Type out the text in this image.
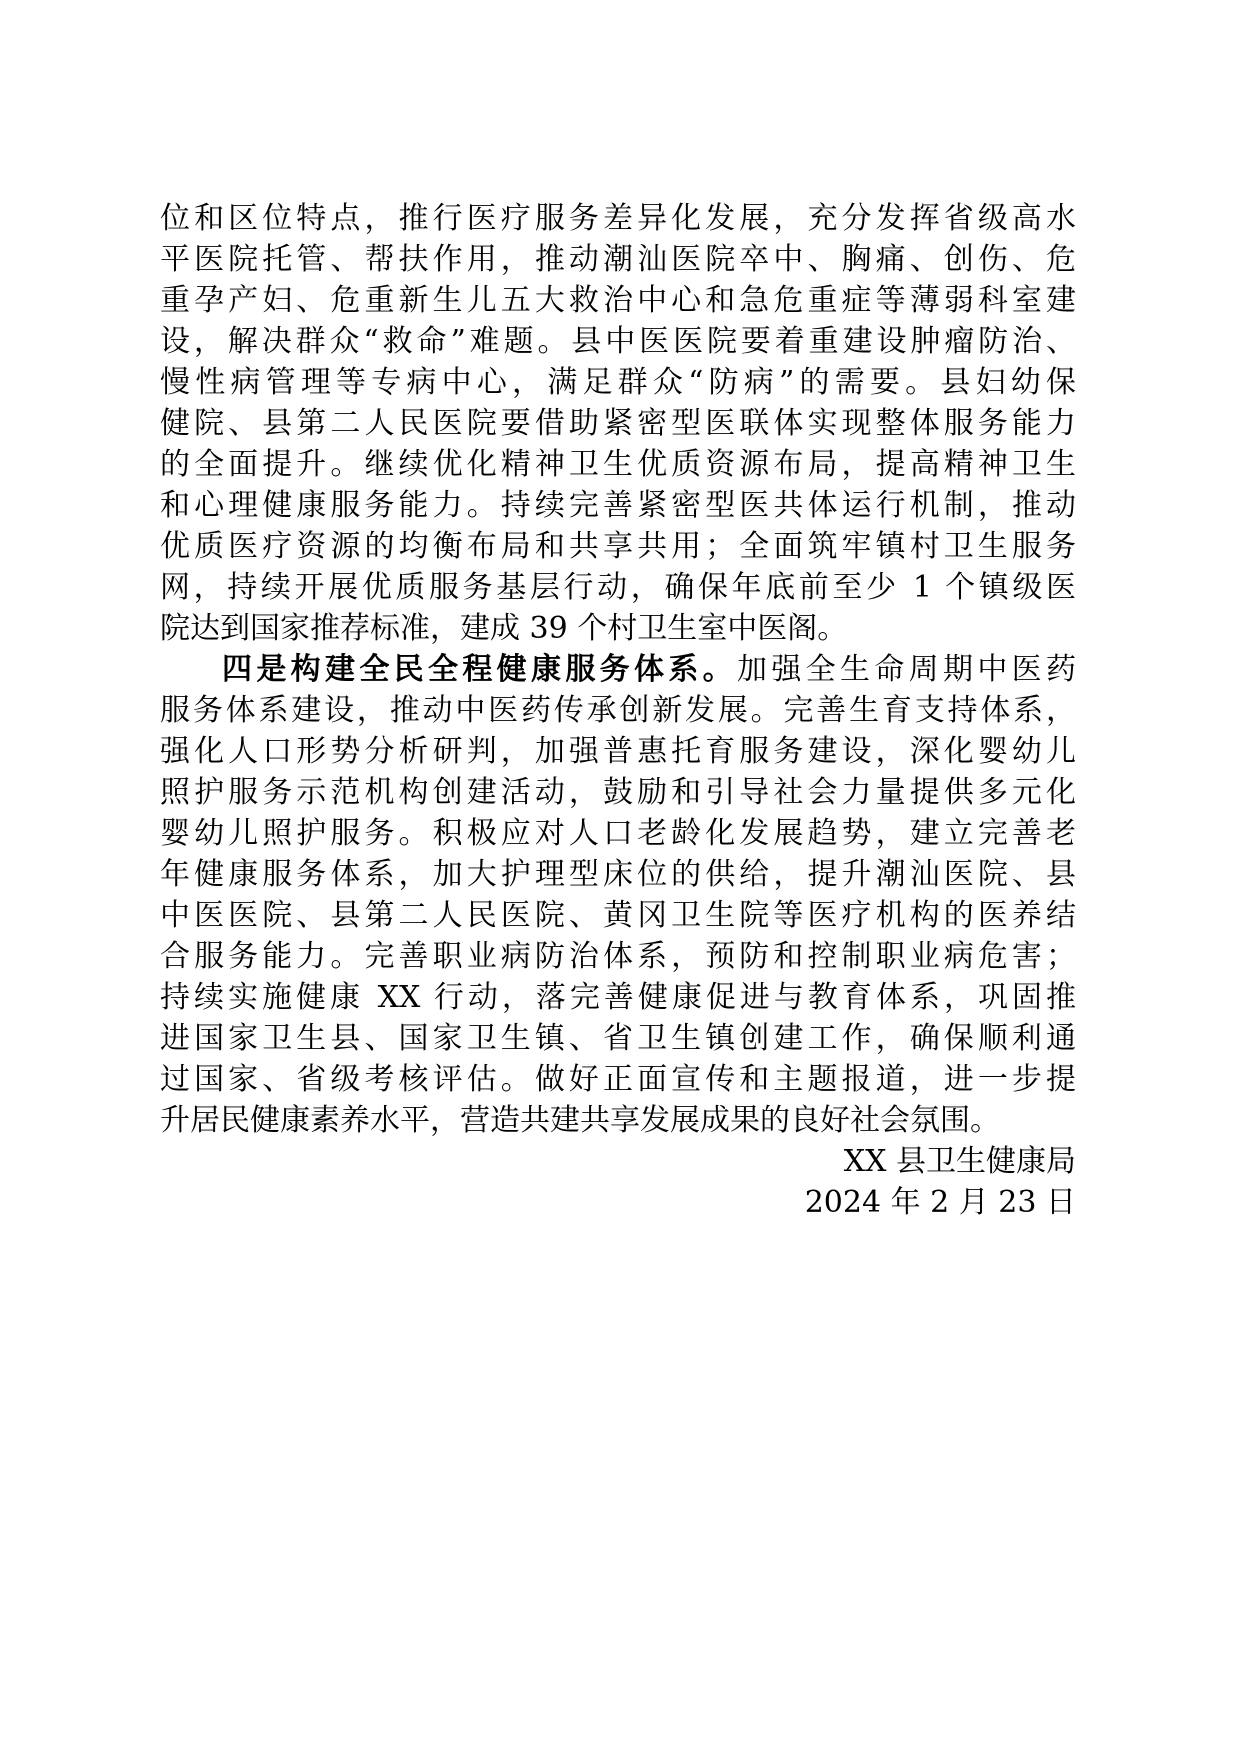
位和区位特点，推行医疗服务差异化发展，充分发挥省级高水
平医院托管、帮扶作用，推动潮汕医院卒中、胸痛、创伤、危
重孕产妇、危重新生儿五大救治中心和急危重症等薄弱科室建
设，解决群众“救命”难题。县中医医院要着重建设肿瘤防治、
慢性病管理等专病中心，满足群众“防病”的需要。县妇幼保
健院、县第二人民医院要借助紧密型医联体实现整体服务能力
的全面提升。继续优化精神卫生优质资源布局，提高精神卫生
和心理健康服务能力。持续完善紧密型医共体运行机制，推动
优质医疗资源的均衡布局和共享共用；全面筑牢镇村卫生服务
网，持续开展优质服务基层行动，确保年底前至少 1 个镇级医
院达到国家推荐标准，建成 39 个村卫生室中医阁。
四是构建全民全程健康服务体系。加强全生命周期中医药
服务体系建设，推动中医药传承创新发展。完善生育支持体系，
强化人口形势分析研判，加强普惠托育服务建设，深化婴幼儿
照护服务示范机构创建活动，鼓励和引导社会力量提供多元化
婴幼儿照护服务。积极应对人口老龄化发展趋势，建立完善老
年健康服务体系，加大护理型床位的供给，提升潮汕医院、县
中医医院、县第二人民医院、黄冈卫生院等医疗机构的医养结
合服务能力。完善职业病防治体系，预防和控制职业病危害；
持续实施健康 XX 行动，落完善健康促进与教育体系，巩固推
进国家卫生县、国家卫生镇、省卫生镇创建工作，确保顺利通
过国家、省级考核评估。做好正面宣传和主题报道，进一步提
升居民健康素养水平，营造共建共享发展成果的良好社会氛围。
XX 县卫生健康局
2024 年 2 月 23 日
